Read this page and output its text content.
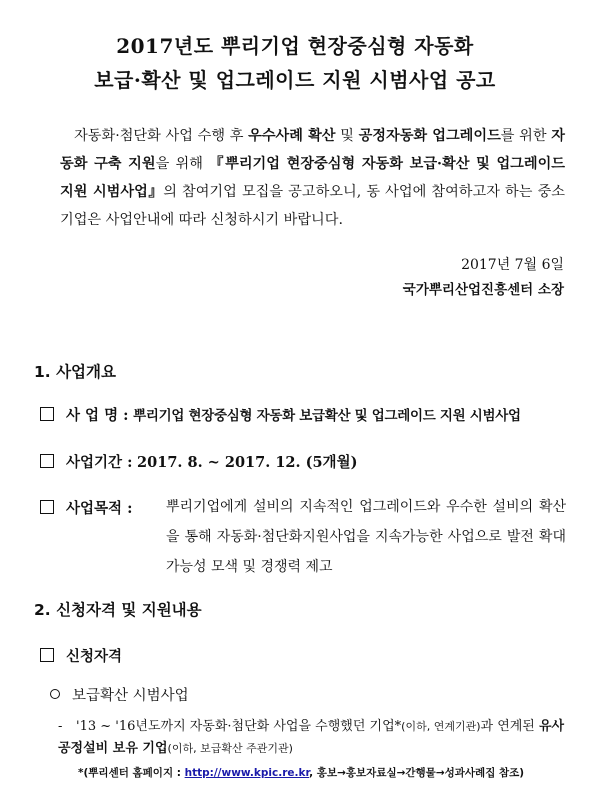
2017년도 뿌리기업 현장중심형 자동화
보급·확산 및 업그레이드 지원 시범사업 공고
자동화·첨단화 사업 수행 후 우수사례 확산 및 공정자동화 업그레이드를 위한 자동화 구축 지원을 위해 『뿌리기업 현장중심형 자동화 보급·확산 및 업그레이드 지원 시범사업』의 참여기업 모집을 공고하오니, 동 사업에 참여하고자 하는 중소기업은 사업안내에 따라 신청하시기 바랍니다.
2017년 7월 6일
국가뿌리산업진흥센터 소장
1. 사업개요
사 업 명 : 뿌리기업 현장중심형 자동화 보급확산 및 업그레이드 지원 시범사업
사업기간 : 2017. 8. ~ 2017. 12. (5개월)
사업목적 : 뿌리기업에게 설비의 지속적인 업그레이드와 우수한 설비의 확산을 통해 자동화·첨단화지원사업을 지속가능한 사업으로 발전 확대 가능성 모색 및 경쟁력 제고
2. 신청자격 및 지원내용
신청자격
보급확산 시범사업
- '13 ~ '16년도까지 자동화·첨단화 사업을 수행했던 기업*(이하, 연계기관)과 연계된 유사공정설비 보유 기업(이하, 보급확산 주관기관)
*(뿌리센터 홈페이지 : http://www.kpic.re.kr, 홍보→홍보자료실→간행물→성과사례집 참조)
